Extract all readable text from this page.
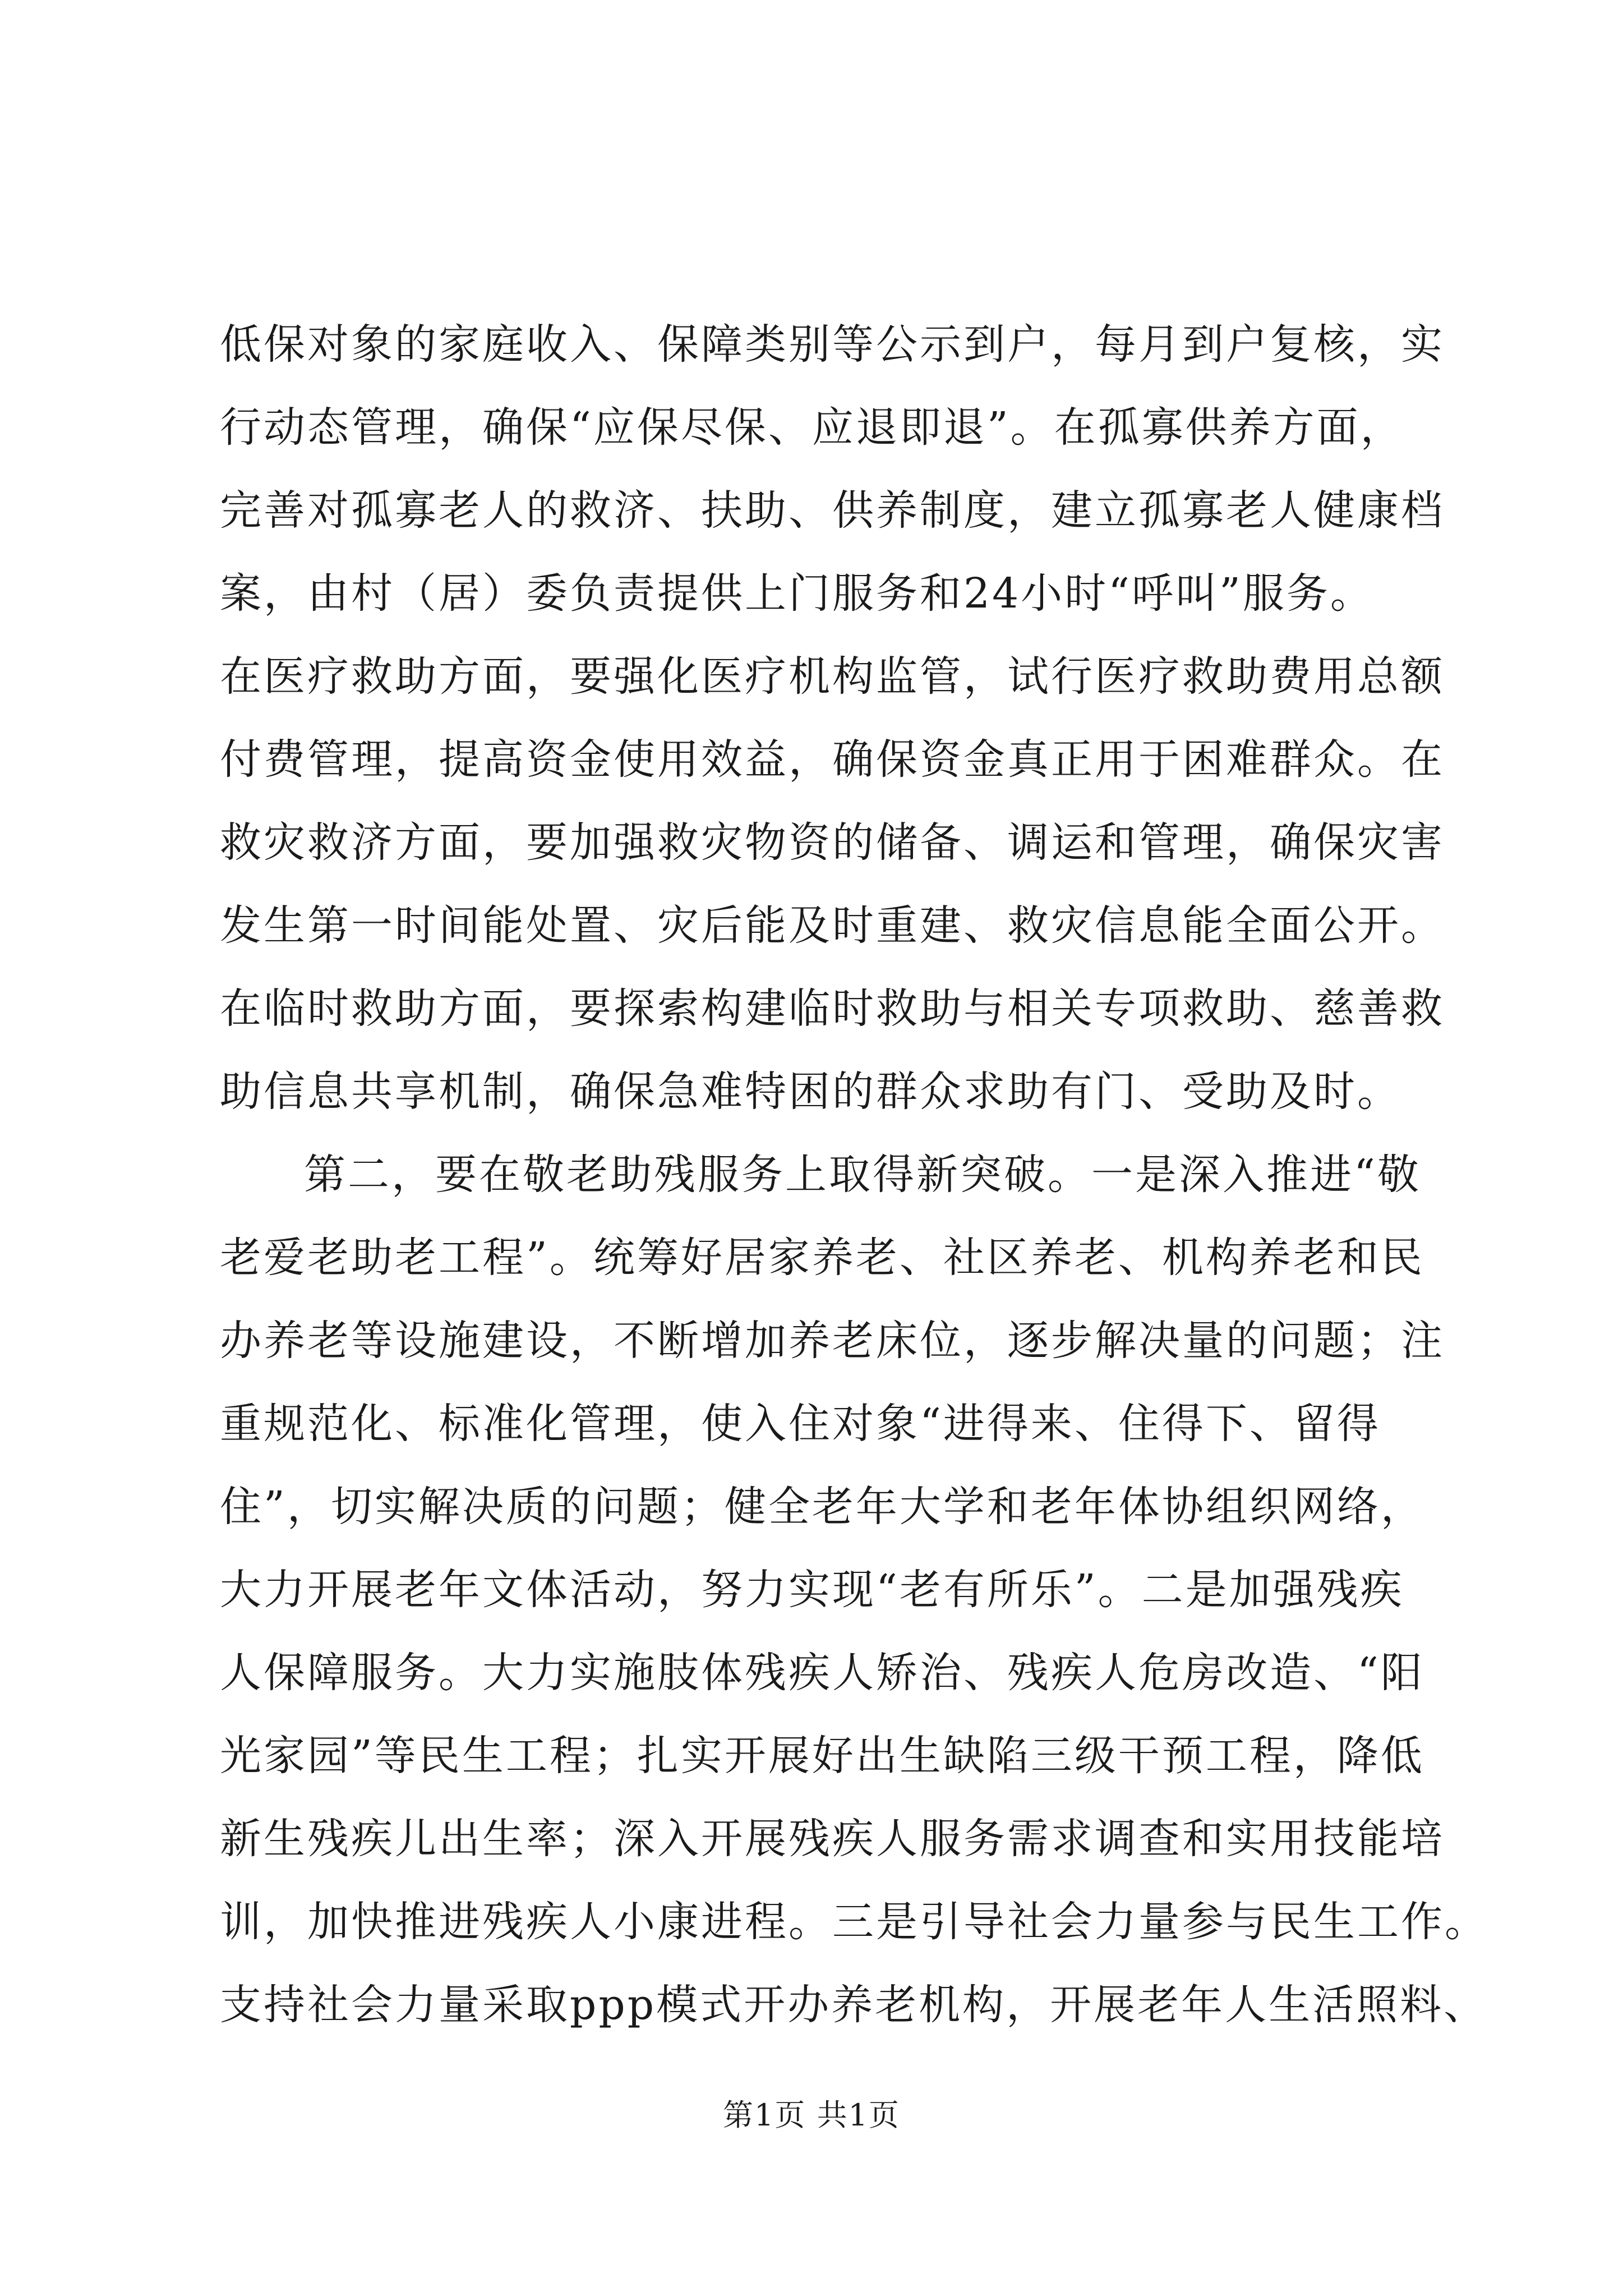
低保对象的家庭收入、保障类别等公示到户，每月到户复核，实
行动态管理，确保“应保尽保、应退即退”。在孤寡供养方面，
完善对孤寡老人的救济、扶助、供养制度，建立孤寡老人健康档
案，由村（居）委负责提供上门服务和24小时“呼叫”服务。
在医疗救助方面，要强化医疗机构监管，试行医疗救助费用总额
付费管理，提高资金使用效益，确保资金真正用于困难群众。在
救灾救济方面，要加强救灾物资的储备、调运和管理，确保灾害
发生第一时间能处置、灾后能及时重建、救灾信息能全面公开。
在临时救助方面，要探索构建临时救助与相关专项救助、慈善救
助信息共享机制，确保急难特困的群众求助有门、受助及时。
第二，要在敬老助残服务上取得新突破。一是深入推进“敬
老爱老助老工程”。统筹好居家养老、社区养老、机构养老和民
办养老等设施建设，不断增加养老床位，逐步解决量的问题；注
重规范化、标准化管理，使入住对象“进得来、住得下、留得
住”，切实解决质的问题；健全老年大学和老年体协组织网络，
大力开展老年文体活动，努力实现“老有所乐”。二是加强残疾
人保障服务。大力实施肢体残疾人矫治、残疾人危房改造、“阳
光家园”等民生工程；扎实开展好出生缺陷三级干预工程，降低
新生残疾儿出生率；深入开展残疾人服务需求调查和实用技能培
训，加快推进残疾人小康进程。三是引导社会力量参与民生工作。
支持社会力量采取ppp模式开办养老机构，开展老年人生活照料、
第1页 共1页
